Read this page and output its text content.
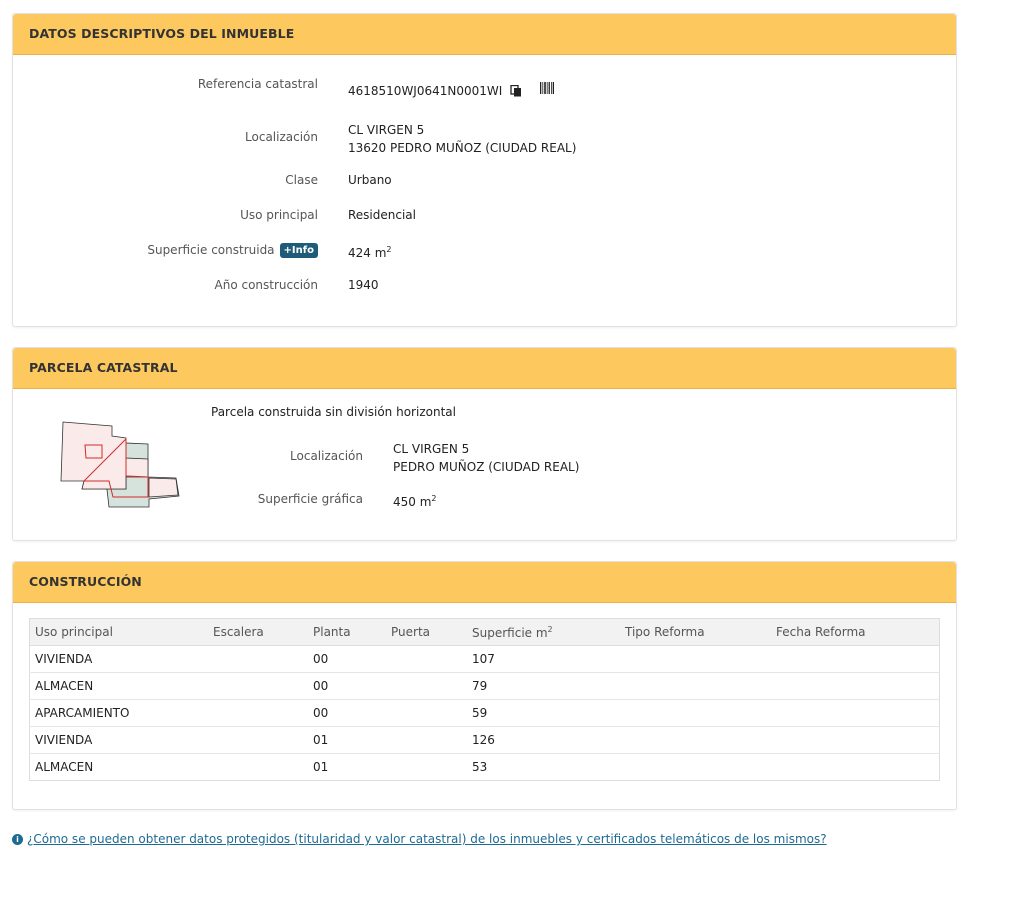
DATOS DESCRIPTIVOS DEL INMUEBLE
Referencia catastral	4618510WJ0641N0001WI
Localización	CL VIRGEN 5
13620 PEDRO MUÑOZ (CIUDAD REAL)
Clase	Urbano
Uso principal	Residencial
Superficie construida +Info	424 $m^2$
Año construcción	1940
PARCELA CATASTRAL
Parcela construida sin división horizontal
Localización	CL VIRGEN 5
PEDRO MUÑOZ (CIUDAD REAL)
Superficie gráfica	450 $m^2$
CONSTRUCCIÓN
Uso principal	Escalera	Planta	Puerta	Superficie $m^2$	Tipo Reforma	Fecha Reforma
VIVIENDA		00		107		
ALMACEN		00		79		
APARCAMIENTO		00		59		
VIVIENDA		01		126		
ALMACEN		01		53		
i ¿Cómo se pueden obtener datos protegidos (titularidad y valor catastral) de los inmuebles y certificados telemáticos de los mismos?
